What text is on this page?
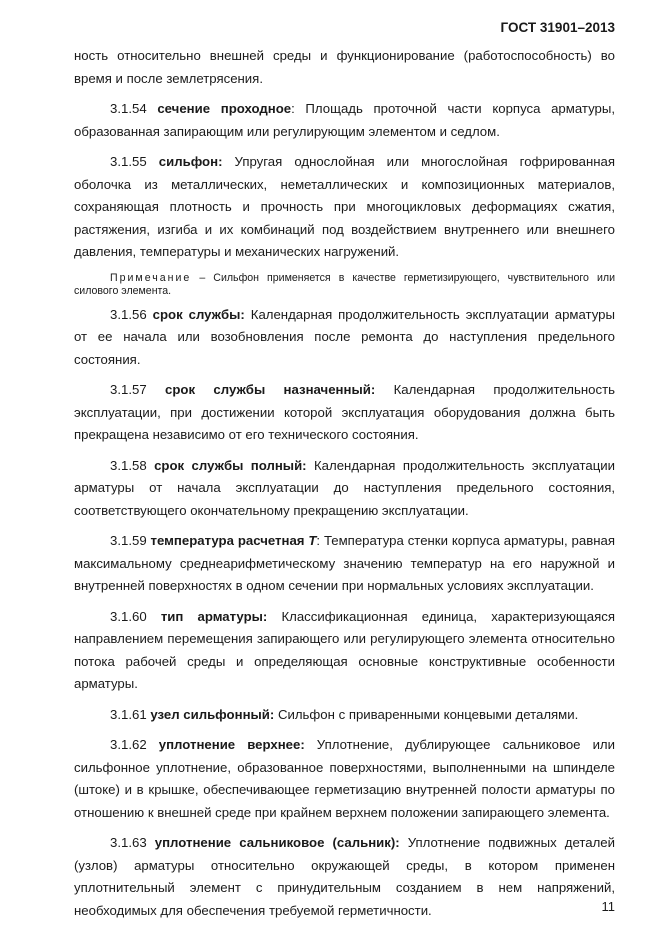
ГОСТ 31901–2013

ность относительно внешней среды и функционирование (работоспособность) во время и после землетрясения.

3.1.54 сечение проходное: Площадь проточной части корпуса арматуры, образованная запирающим или регулирующим элементом и седлом.

3.1.55 сильфон: Упругая однослойная или многослойная гофрированная оболочка из металлических, неметаллических и композиционных материалов, сохраняющая плотность и прочность при многоцикловых деформациях сжатия, растяжения, изгиба и их комбинаций под воздействием внутреннего или внешнего давления, температуры и механических нагружений.

Примечание – Сильфон применяется в качестве герметизирующего, чувствительного или силового элемента.

3.1.56 срок службы: Календарная продолжительность эксплуатации арматуры от ее начала или возобновления после ремонта до наступления предельного состояния.

3.1.57 срок службы назначенный: Календарная продолжительность эксплуатации, при достижении которой эксплуатация оборудования должна быть прекращена независимо от его технического состояния.

3.1.58 срок службы полный: Календарная продолжительность эксплуатации арматуры от начала эксплуатации до наступления предельного состояния, соответствующего окончательному прекращению эксплуатации.

3.1.59 температура расчетная T: Температура стенки корпуса арматуры, равная максимальному среднеарифметическому значению температур на его наружной и внутренней поверхностях в одном сечении при нормальных условиях эксплуатации.

3.1.60 тип арматуры: Классификационная единица, характеризующаяся направлением перемещения запирающего или регулирующего элемента относительно потока рабочей среды и определяющая основные конструктивные особенности арматуры.

3.1.61 узел сильфонный: Сильфон с приваренными концевыми деталями.

3.1.62 уплотнение верхнее: Уплотнение, дублирующее сальниковое или сильфонное уплотнение, образованное поверхностями, выполненными на шпинделе (штоке) и в крышке, обеспечивающее герметизацию внутренней полости арматуры по отношению к внешней среде при крайнем верхнем положении запирающего элемента.

3.1.63 уплотнение сальниковое (сальник): Уплотнение подвижных деталей (узлов) арматуры относительно окружающей среды, в котором применен уплотнительный элемент с принудительным созданием в нем напряжений, необходимых для обеспечения требуемой герметичности.	11
